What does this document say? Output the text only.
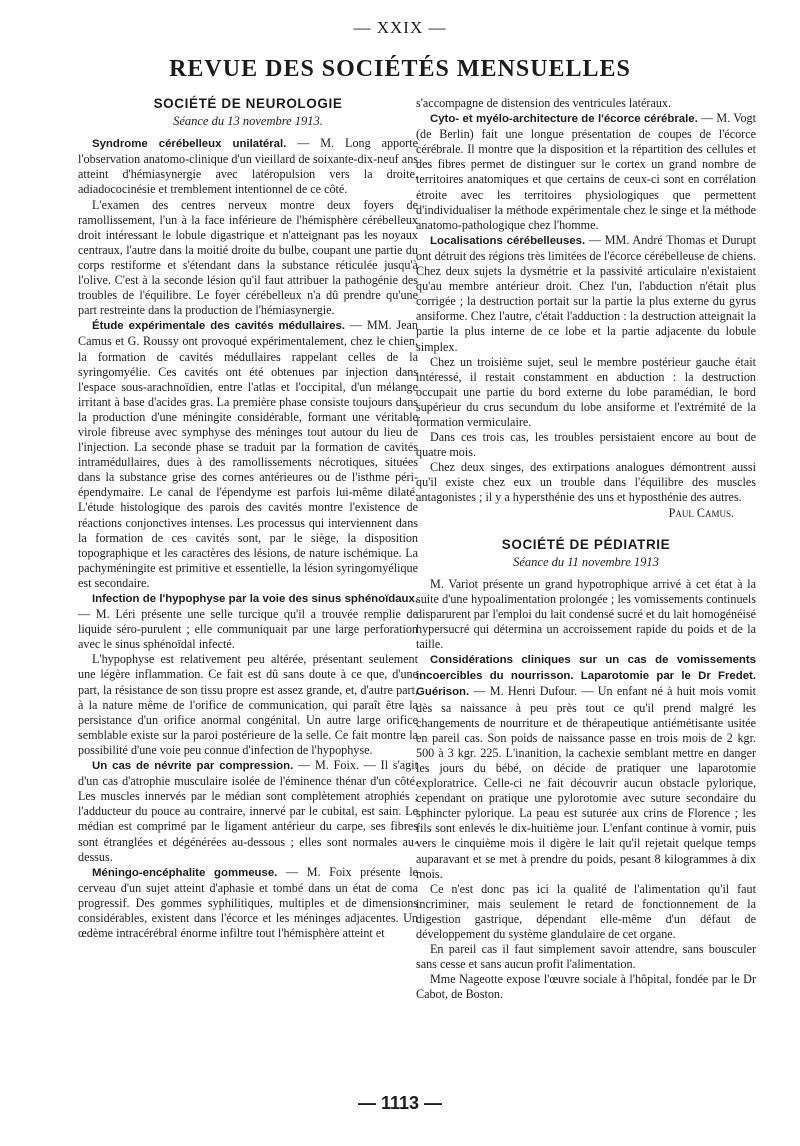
— XXIX —
REVUE DES SOCIÉTÉS MENSUELLES
SOCIÉTÉ DE NEUROLOGIE
Séance du 13 novembre 1913.

Syndrome cérébelleux unilatéral. — M. Long apporte l'observation anatomo-clinique d'un vieillard de soixante-dix-neuf ans atteint d'hémiasynergie avec latéropulsion vers la droite, adiadococinésie et tremblement intentionnel de ce côté.

L'examen des centres nerveux montre deux foyers de ramollissement, l'un à la face inférieure de l'hémisphère cérébelleux droit intéressant le lobule digastrique et n'atteignant pas les noyaux centraux, l'autre dans la moitié droite du bulbe, coupant une partie du corps restiforme et s'étendant dans la substance réticulée jusqu'à l'olive. C'est à la seconde lésion qu'il faut attribuer la pathogénie des troubles de l'équilibre. Le foyer cérébelleux n'a dû prendre qu'une part restreinte dans la production de l'hémiasynergie.

Étude expérimentale des cavités médullaires. — MM. Jean Camus et G. Roussy ont provoqué expérimentalement, chez le chien, la formation de cavités médullaires rappelant celles de la syringomyélie. Ces cavités ont été obtenues par injection dans l'espace sous-arachnoïdien, entre l'atlas et l'occipital, d'un mélange irritant à base d'acides gras. La première phase consiste toujours dans la production d'une méningite considérable, formant une véritable virole fibreuse avec symphyse des méninges tout autour du lieu de l'injection. La seconde phase se traduit par la formation de cavités intramédullaires, dues à des ramollissements nécrotiques, situées dans la substance grise des cornes antérieures ou de l'isthme péri-épendymaire. Le canal de l'épendyme est parfois lui-même dilaté. L'étude histologique des parois des cavités montre l'existence de réactions conjonctives intenses. Les processus qui interviennent dans la formation de ces cavités sont, par le siège, la disposition topographique et les caractères des lésions, de nature ischémique. La pachyméningite est primitive et essentielle, la lésion syringomyélique est secondaire.

Infection de l'hypophyse par la voie des sinus sphénoïdaux. — M. Léri présente une selle turcique qu'il a trouvée remplie de liquide séro-purulent ; elle communiquait par une large perforation avec le sinus sphénoïdal infecté.

L'hypophyse est relativement peu altérée, présentant seulement une légère inflammation. Ce fait est dû sans doute à ce que, d'une part, la résistance de son tissu propre est assez grande, et, d'autre part, à la nature même de l'orifice de communication, qui paraît être la persistance d'un orifice anormal congénital. Un autre large orifice semblable existe sur la paroi postérieure de la selle. Ce fait montre la possibilité d'une voie peu connue d'infection de l'hypophyse.

Un cas de névrite par compression. — M. Foix. — Il s'agit d'un cas d'atrophie musculaire isolée de l'éminence thénar d'un côté. Les muscles innervés par le médian sont complètement atrophiés ; l'adducteur du pouce au contraire, innervé par le cubital, est sain. Le médian est comprimé par le ligament antérieur du carpe, ses fibres sont étranglées et dégénérées au-dessous ; elles sont normales au-dessus.

Méningo-encéphalite gommeuse. — M. Foix présente le cerveau d'un sujet atteint d'aphasie et tombé dans un état de coma progressif. Des gommes syphilitiques, multiples et de dimensions considérables, existent dans l'écorce et les méninges adjacentes. Un œdème intracérébral énorme infiltre tout l'hémisphère atteint et

s'accompagne de distension des ventricules latéraux.

Cyto- et myélo-architecture de l'écorce cérébrale. — M. Vogt (de Berlin) fait une longue présentation de coupes de l'écorce cérébrale. Il montre que la disposition et la répartition des cellules et des fibres permet de distinguer sur le cortex un grand nombre de territoires anatomiques et que certains de ceux-ci sont en corrélation étroite avec les territoires physiologiques que permettent d'individualiser la méthode expérimentale chez le singe et la méthode anatomo-pathologique chez l'homme.

Localisations cérébelleuses. — MM. André Thomas et Durupt ont détruit des régions très limitées de l'écorce cérébelleuse de chiens. Chez deux sujets la dysmétrie et la passivité articulaire n'existaient qu'au membre antérieur droit. Chez l'un, l'abduction n'était plus corrigée ; la destruction portait sur la partie la plus externe du gyrus ansiforme. Chez l'autre, c'était l'adduction : la destruction atteignait la partie la plus interne de ce lobe et la partie adjacente du lobule simplex.

Chez un troisième sujet, seul le membre postérieur gauche était intéressé, il restait constamment en abduction : la destruction occupait une partie du bord externe du lobe paramédian, le bord supérieur du crus secundum du lobe ansiforme et l'extrémité de la formation vermiculaire.

Dans ces trois cas, les troubles persistaient encore au bout de quatre mois.

Chez deux singes, des extirpations analogues démontrent aussi qu'il existe chez eux un trouble dans l'équilibre des muscles antagonistes ; il y a hypersthénie des uns et hyposthénie des autres.

Paul Camus.
SOCIÉTÉ DE PÉDIATRIE
Séance du 11 novembre 1913

M. Variot présente un grand hypotrophique arrivé à cet état à la suite d'une hypoalimentation prolongée ; les vomissements continuels disparurent par l'emploi du lait condensé sucré et du lait homogénéisé hypersucré qui détermina un accroissement rapide du poids et de la taille.

Considérations cliniques sur un cas de vomissements incoercibles du nourrisson. Laparotomie par le Dr Fredet. Guérison. — M. Henri Dufour. — Un enfant né à huit mois vomit dès sa naissance à peu près tout ce qu'il prend malgré les changements de nourriture et de thérapeutique antiémétisante usitée en pareil cas. Son poids de naissance passe en trois mois de 2 kgr. 500 à 3 kgr. 225. L'inanition, la cachexie semblant mettre en danger les jours du bébé, on décide de pratiquer une laparotomie exploratrice. Celle-ci ne fait découvrir aucun obstacle pylorique, cependant on pratique une pylorotomie avec suture secondaire du sphincter pylorique. La peau est suturée aux crins de Florence ; les fils sont enlevés le dix-huitième jour. L'enfant continue à vomir, puis vers le cinquième mois il digère le lait qu'il rejetait quelque temps auparavant et se met à prendre du poids, pesant 8 kilogrammes à dix mois.

Ce n'est donc pas ici la qualité de l'alimentation qu'il faut incriminer, mais seulement le retard de fonctionnement de la digestion gastrique, dépendant elle-même d'un défaut de développement du système glandulaire de cet organe.

En pareil cas il faut simplement savoir attendre, sans bousculer sans cesse et sans aucun profit l'alimentation.

Mme Nageotte expose l'œuvre sociale à l'hôpital, fondée par le Dr Cabot, de Boston.

— 1113 —
